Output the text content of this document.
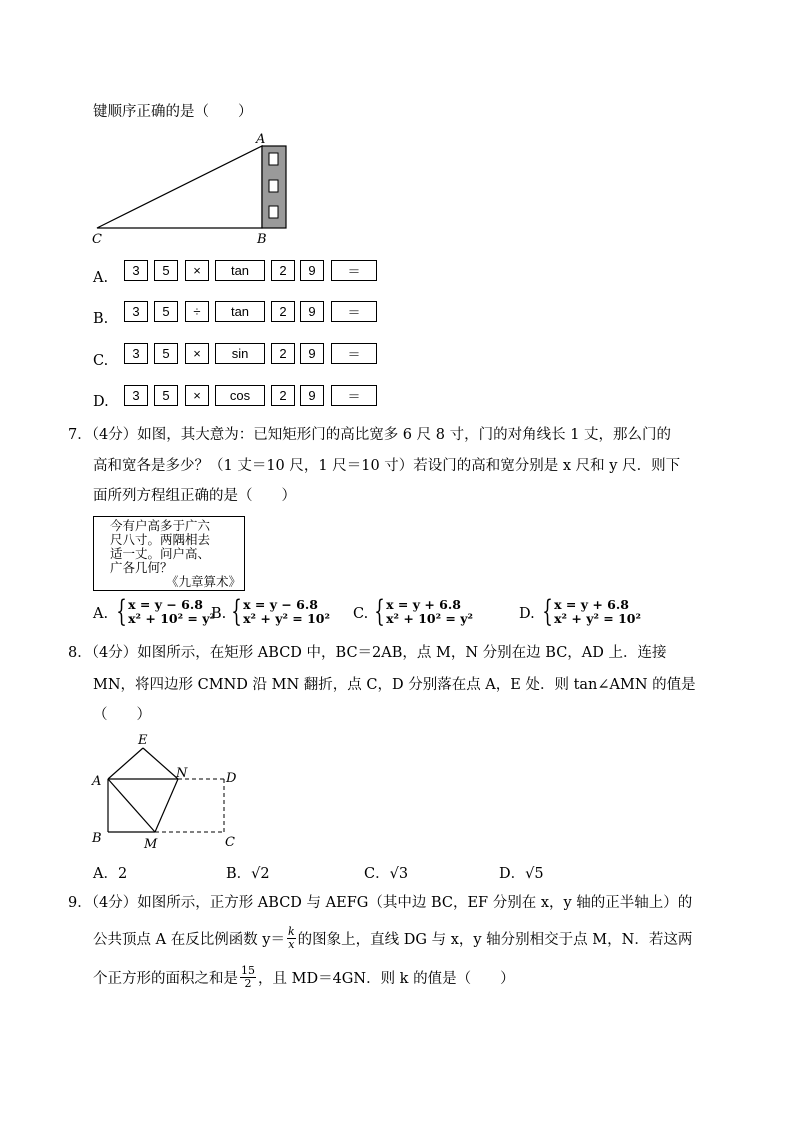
键顺序正确的是（　　）
A
C	B
A.	3	5	×	tan	2	9	＝
B.	3	5	÷	tan	2	9	＝
C.	3	5	×	sin	2	9	＝
D.	3	5	×	cos	2	9	＝
7．（4分）如图，其大意为：已知矩形门的高比宽多 6 尺 8 寸，门的对角线长 1 丈，那么门的
高和宽各是多少？（1 丈＝10 尺，1 尺＝10 寸）若设门的高和宽分别是 x 尺和 y 尺．则下
面所列方程组正确的是（　　）
今有户高多于广六
尺八寸。两隅相去
适一丈。问户高、
广各几何？
《九章算术》
A. { x = y − 6.8
x² + 10² = y²
B. { x = y − 6.8
x² + y² = 10² C. { x = y + 6.8
x² + 10² = y²	D. { x = y + 6.8
x² + y² = 10²
8．（4分）如图所示，在矩形 ABCD 中，BC＝2AB，点 M，N 分别在边 BC，AD 上．连接
MN，将四边形 CMND 沿 MN 翻折，点 C，D 分别落在点 A，E 处．则 tan∠AMN 的值是
（　　）
E
A
N	D
B	M	C
A．2	B．√2	C．√3	D．√5
9．（4分）如图所示，正方形 ABCD 与 AEFG（其中边 BC，EF 分别在 x，y 轴的正半轴上）的
公共顶点 A 在反比例函数 $y= \frac{k}{x}$ 的图象上，直线 DG 与 x，y 轴分别相交于点 M，N．若这两
个正方形的面积之和是 $\frac{15}{2}$ ，且 MD＝4GN．则 k 的值是（　　）
